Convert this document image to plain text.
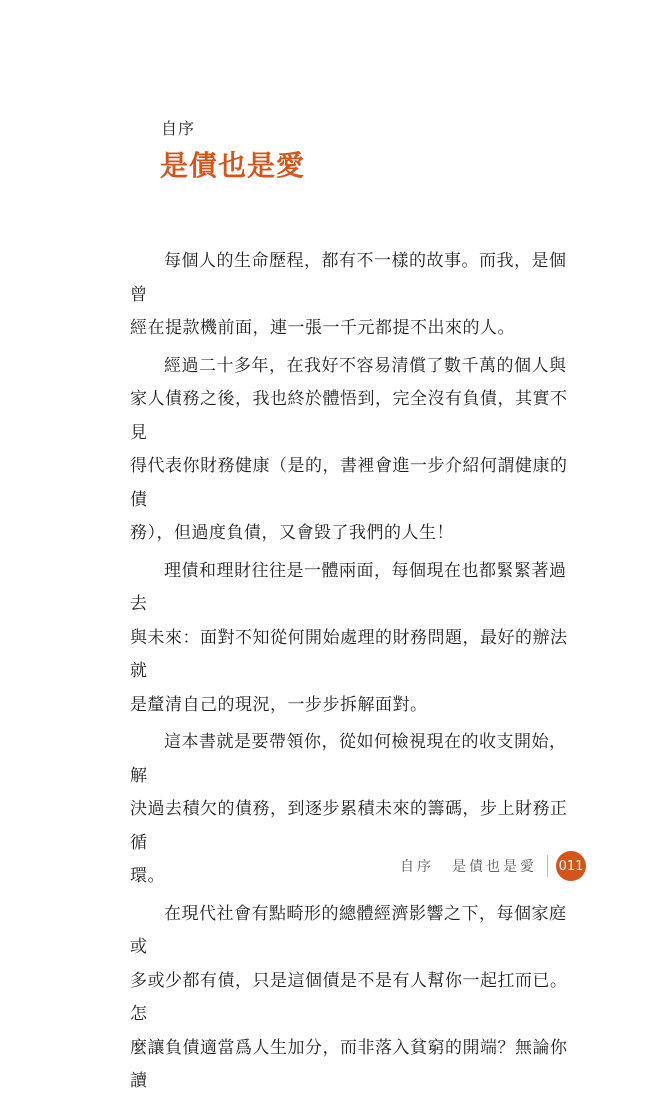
自序
是債也是愛

每個人的生命歷程，都有不一樣的故事。而我，是個曾
經在提款機前面，連一張一千元都提不出來的人。

經過二十多年，在我好不容易清償了數千萬的個人與
家人債務之後，我也終於體悟到，完全沒有負債，其實不見
得代表你財務健康（是的，書裡會進一步介紹何謂健康的債
務），但過度負債，又會毀了我們的人生！

理債和理財往往是一體兩面，每個現在也都緊緊著過去
與未來：面對不知從何開始處理的財務問題，最好的辦法就
是釐清自己的現況，一步步拆解面對。

這本書就是要帶領你，從如何檢視現在的收支開始，解
決過去積欠的債務，到逐步累積未來的籌碼，步上財務正循
環。

在現代社會有點畸形的總體經濟影響之下，每個家庭或
多或少都有債，只是這個債是不是有人幫你一起扛而已。怎
麼讓負債適當爲人生加分，而非落入貧窮的開端？無論你讀

自序 是債也是愛 011
